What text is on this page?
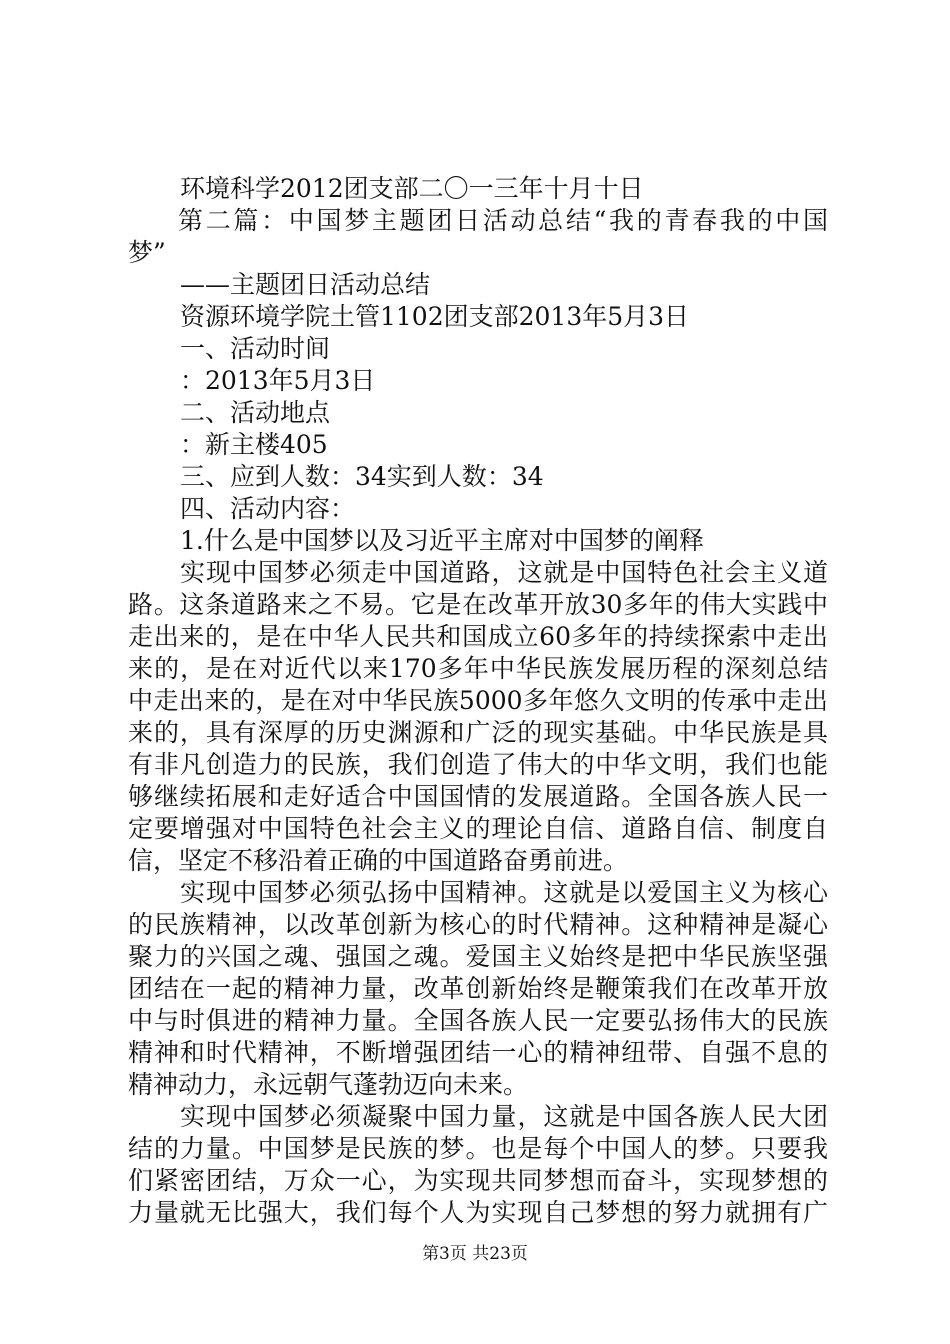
环境科学2012团支部二〇一三年十月十日
第二篇：中国梦主题团日活动总结“我的青春我的中国
梦”
——主题团日活动总结
资源环境学院土管1102团支部2013年5月3日
一、活动时间
：2013年5月3日
二、活动地点
：新主楼405
三、应到人数：34实到人数：34
四、活动内容：
1.什么是中国梦以及习近平主席对中国梦的阐释
实现中国梦必须走中国道路，这就是中国特色社会主义道
路。这条道路来之不易。它是在改革开放30多年的伟大实践中
走出来的，是在中华人民共和国成立60多年的持续探索中走出
来的，是在对近代以来170多年中华民族发展历程的深刻总结
中走出来的，是在对中华民族5000多年悠久文明的传承中走出
来的，具有深厚的历史渊源和广泛的现实基础。中华民族是具
有非凡创造力的民族，我们创造了伟大的中华文明，我们也能
够继续拓展和走好适合中国国情的发展道路。全国各族人民一
定要增强对中国特色社会主义的理论自信、道路自信、制度自
信，坚定不移沿着正确的中国道路奋勇前进。
实现中国梦必须弘扬中国精神。这就是以爱国主义为核心
的民族精神，以改革创新为核心的时代精神。这种精神是凝心
聚力的兴国之魂、强国之魂。爱国主义始终是把中华民族坚强
团结在一起的精神力量，改革创新始终是鞭策我们在改革开放
中与时俱进的精神力量。全国各族人民一定要弘扬伟大的民族
精神和时代精神，不断增强团结一心的精神纽带、自强不息的
精神动力，永远朝气蓬勃迈向未来。
实现中国梦必须凝聚中国力量，这就是中国各族人民大团
结的力量。中国梦是民族的梦。也是每个中国人的梦。只要我
们紧密团结，万众一心，为实现共同梦想而奋斗，实现梦想的
力量就无比强大，我们每个人为实现自己梦想的努力就拥有广
第3页 共23页
